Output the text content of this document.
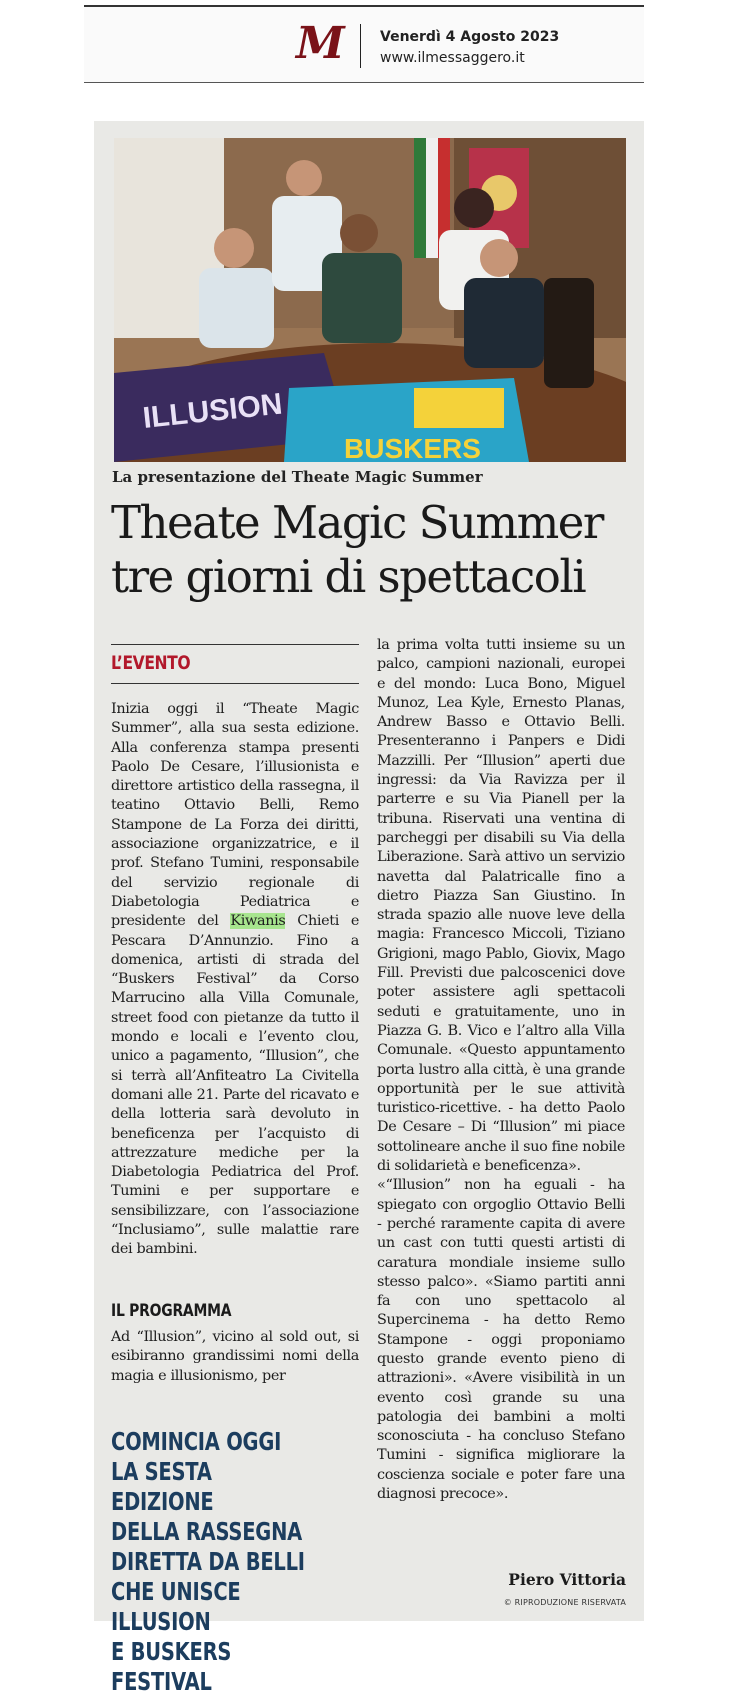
M	Venerdì 4 Agosto 2023
www.ilmessaggero.it
ILLUSION
BUSKERS
La presentazione del Theate Magic Summer
Theate Magic Summer
tre giorni di spettacoli
L’EVENTO

Inizia oggi il “Theate Magic Summer”, alla sua sesta edizione. Alla conferenza stampa presenti Paolo De Cesare, l’illusionista e direttore artistico della rassegna, il teatino Ottavio Belli, Remo Stampone de La Forza dei diritti, associazione organizzatrice, e il prof. Stefano Tumini, responsabile del servizio regionale di Diabetologia Pediatrica e presidente del Kiwanis Chieti e Pescara D’Annunzio. Fino a domenica, artisti di strada del “Buskers Festival” da Corso Marrucino alla Villa Comunale, street food con pietanze da tutto il mondo e locali e l’evento clou, unico a pagamento, “Illusion”, che si terrà all’Anfiteatro La Civitella domani alle 21. Parte del ricavato e della lotteria sarà devoluto in beneficenza per l’acquisto di attrezzature mediche per la Diabetologia Pediatrica del Prof. Tumini e per supportare e sensibilizzare, con l’associazione “Inclusiamo”, sulle malattie rare dei bambini.

IL PROGRAMMA

Ad “Illusion”, vicino al sold out, si esibiranno grandissimi nomi della magia e illusionismo, per

COMINCIA OGGI
LA SESTA EDIZIONE
DELLA RASSEGNA
DIRETTA DA BELLI
CHE UNISCE ILLUSION
E BUSKERS FESTIVAL

la prima volta tutti insieme su un palco, campioni nazionali, europei e del mondo: Luca Bono, Miguel Munoz, Lea Kyle, Ernesto Planas, Andrew Basso e Ottavio Belli. Presenteranno i Panpers e Didi Mazzilli. Per “Illusion” aperti due ingressi: da Via Ravizza per il parterre e su Via Pianell per la tribuna. Riservati una ventina di parcheggi per disabili su Via della Liberazione. Sarà attivo un servizio navetta dal Palatricalle fino a dietro Piazza San Giustino. In strada spazio alle nuove leve della magia: Francesco Miccoli, Tiziano Grigioni, mago Pablo, Giovix, Mago Fill. Previsti due palcoscenici dove poter assistere agli spettacoli seduti e gratuitamente, uno in Piazza G. B. Vico e l’altro alla Villa Comunale. «Questo appuntamento porta lustro alla città, è una grande opportunità per le sue attività turistico-ricettive. - ha detto Paolo De Cesare – Di “Illusion” mi piace sottolineare anche il suo fine nobile di solidarietà e beneficenza».

«“Illusion” non ha eguali - ha spiegato con orgoglio Ottavio Belli - perché raramente capita di avere un cast con tutti questi artisti di caratura mondiale insieme sullo stesso palco». «Siamo partiti anni fa con uno spettacolo al Supercinema - ha detto Remo Stampone - oggi proponiamo questo grande evento pieno di attrazioni». «Avere visibilità in un evento così grande su una patologia dei bambini a molti sconosciuta - ha concluso Stefano Tumini - significa migliorare la coscienza sociale e poter fare una diagnosi precoce».

Piero Vittoria
© RIPRODUZIONE RISERVATA
